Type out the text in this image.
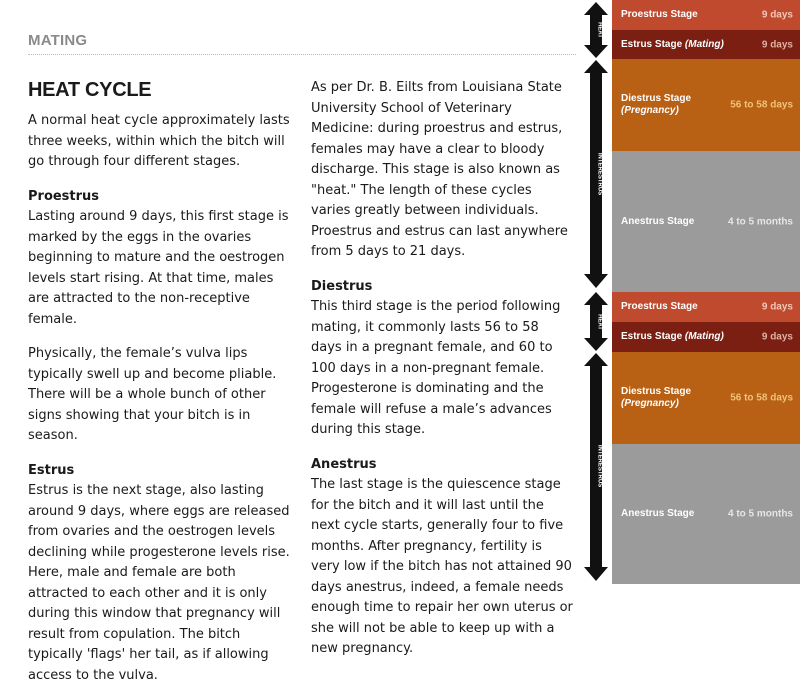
MATING
HEAT CYCLE
A normal heat cycle approximately lasts three weeks, within which the bitch will go through four different stages.
Proestrus
Lasting around 9 days, this first stage is marked by the eggs in the ovaries beginning to mature and the oestrogen levels start rising. At that time, males are attracted to the non-receptive female.
Physically, the female’s vulva lips typically swell up and become pliable. There will be a whole bunch of other signs showing that your bitch is in season.
Estrus
Estrus is the next stage, also lasting around 9 days, where eggs are released from ovaries and the oestrogen levels declining while progesterone levels rise. Here, male and female are both attracted to each other and it is only during this window that pregnancy will result from copulation. The bitch typically 'flags' her tail, as if allowing access to the vulva.
As per Dr. B. Eilts from Louisiana State University School of Veterinary Medicine: during proestrus and estrus, females may have a clear to bloody discharge. This stage is also known as "heat." The length of these cycles varies greatly between individuals. Proestrus and estrus can last anywhere from 5 days to 21 days.
Diestrus
This third stage is the period following mating, it commonly lasts 56 to 58 days in a pregnant female, and 60 to 100 days in a non-pregnant female. Progesterone is dominating and the female will refuse a male’s advances during this stage.
Anestrus
The last stage is the quiescence stage for the bitch and it will last until the next cycle starts, generally four to five months. After pregnancy, fertility is very low if the bitch has not attained 90 days anestrus, indeed, a female needs enough time to repair her own uterus or she will not be able to keep up with a new pregnancy.
HEAT
INTERESTRUS
HEAT
INTERESTRUS
Proestrus Stage	9 days
Estrus Stage (Mating)	9 days
Diestrus Stage
(Pregnancy)	56 to 58 days
Anestrus Stage	4 to 5 months
Proestrus Stage	9 days
Estrus Stage (Mating)	9 days
Diestrus Stage
(Pregnancy)	56 to 58 days
Anestrus Stage	4 to 5 months
